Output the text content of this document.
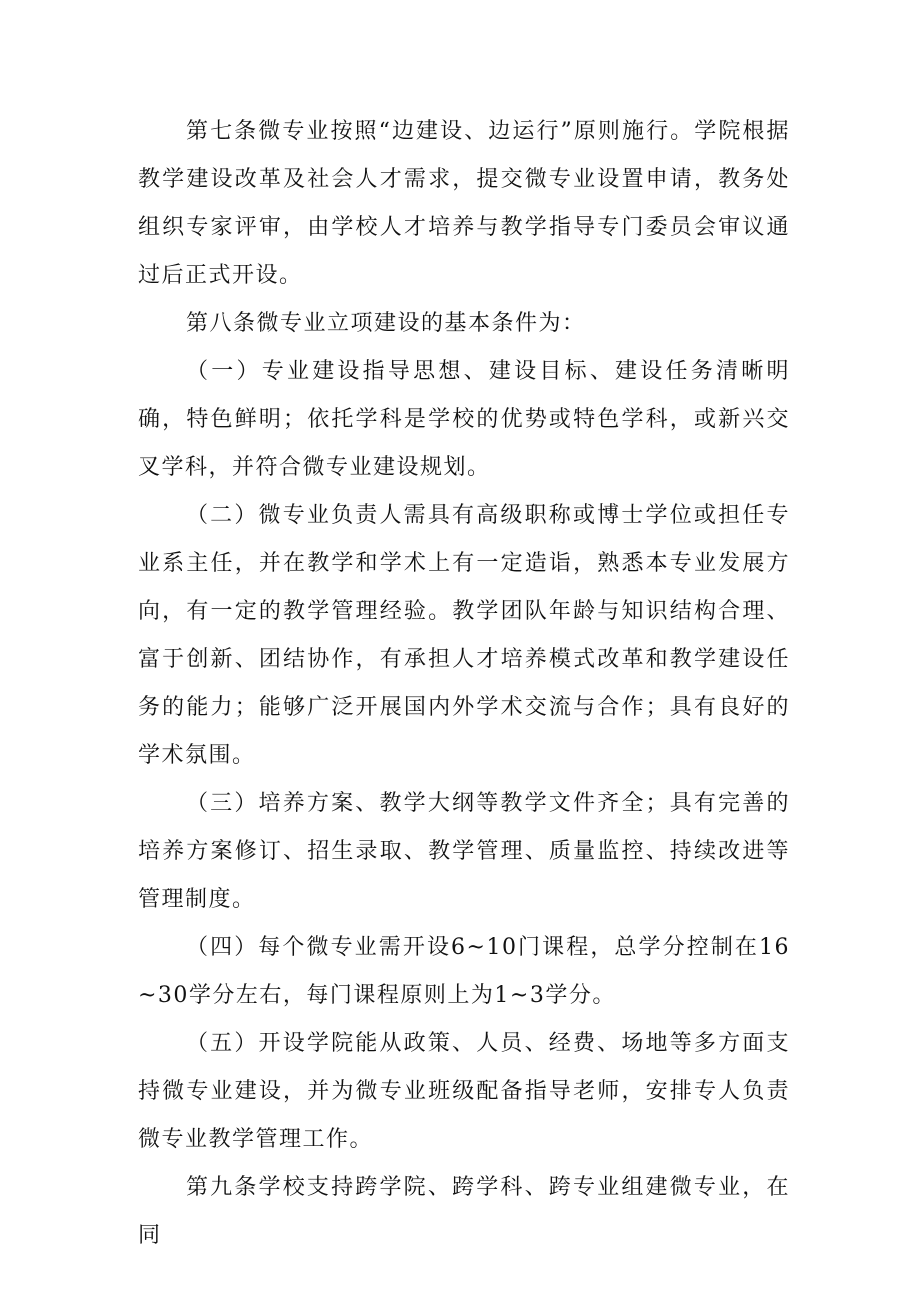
第七条微专业按照“边建设、边运行”原则施行。学院根据教学建设改革及社会人才需求，提交微专业设置申请，教务处组织专家评审，由学校人才培养与教学指导专门委员会审议通过后正式开设。

第八条微专业立项建设的基本条件为：

（一）专业建设指导思想、建设目标、建设任务清晰明确，特色鲜明；依托学科是学校的优势或特色学科，或新兴交叉学科，并符合微专业建设规划。

（二）微专业负责人需具有高级职称或博士学位或担任专业系主任，并在教学和学术上有一定造诣，熟悉本专业发展方向，有一定的教学管理经验。教学团队年龄与知识结构合理、富于创新、团结协作，有承担人才培养模式改革和教学建设任务的能力；能够广泛开展国内外学术交流与合作；具有良好的学术氛围。

（三）培养方案、教学大纲等教学文件齐全；具有完善的培养方案修订、招生录取、教学管理、质量监控、持续改进等管理制度。

（四）每个微专业需开设6~10门课程，总学分控制在16~30学分左右，每门课程原则上为1~3学分。

（五）开设学院能从政策、人员、经费、场地等多方面支持微专业建设，并为微专业班级配备指导老师，安排专人负责微专业教学管理工作。

第九条学校支持跨学院、跨学科、跨专业组建微专业，在同
